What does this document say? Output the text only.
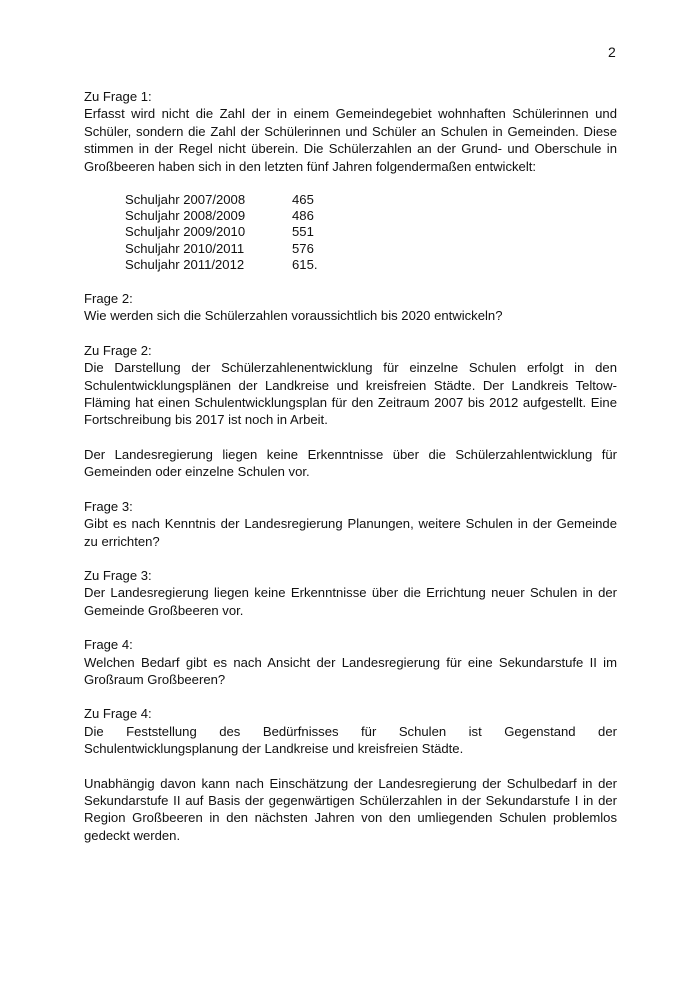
2
Zu Frage 1:
Erfasst wird nicht die Zahl der in einem Gemeindegebiet wohnhaften Schülerinnen und Schüler, sondern die Zahl der Schülerinnen und Schüler an Schulen in Gemeinden. Diese stimmen in der Regel nicht überein. Die Schülerzahlen an der Grund- und Oberschule in Großbeeren haben sich in den letzten fünf Jahren folgendermaßen entwickelt:
Schuljahr 2007/2008	465
Schuljahr 2008/2009	486
Schuljahr 2009/2010	551
Schuljahr 2010/2011	576
Schuljahr 2011/2012	615.
Frage 2:
Wie werden sich die Schülerzahlen voraussichtlich bis 2020 entwickeln?
Zu Frage 2:
Die Darstellung der Schülerzahlenentwicklung für einzelne Schulen erfolgt in den Schulentwicklungsplänen der Landkreise und kreisfreien Städte. Der Landkreis Teltow-Fläming hat einen Schulentwicklungsplan für den Zeitraum 2007 bis 2012 aufgestellt. Eine Fortschreibung bis 2017 ist noch in Arbeit.
Der Landesregierung liegen keine Erkenntnisse über die Schülerzahlentwicklung für Gemeinden oder einzelne Schulen vor.
Frage 3:
Gibt es nach Kenntnis der Landesregierung Planungen, weitere Schulen in der Gemeinde zu errichten?
Zu Frage 3:
Der Landesregierung liegen keine Erkenntnisse über die Errichtung neuer Schulen in der Gemeinde Großbeeren vor.
Frage 4:
Welchen Bedarf gibt es nach Ansicht der Landesregierung für eine Sekundarstufe II im Großraum Großbeeren?
Zu Frage 4:
Die Feststellung des Bedürfnisses für Schulen ist Gegenstand der Schulentwicklungsplanung der Landkreise und kreisfreien Städte.
Unabhängig davon kann nach Einschätzung der Landesregierung der Schulbedarf in der Sekundarstufe II auf Basis der gegenwärtigen Schülerzahlen in der Sekundarstufe I in der Region Großbeeren in den nächsten Jahren von den umliegenden Schulen problemlos gedeckt werden.
